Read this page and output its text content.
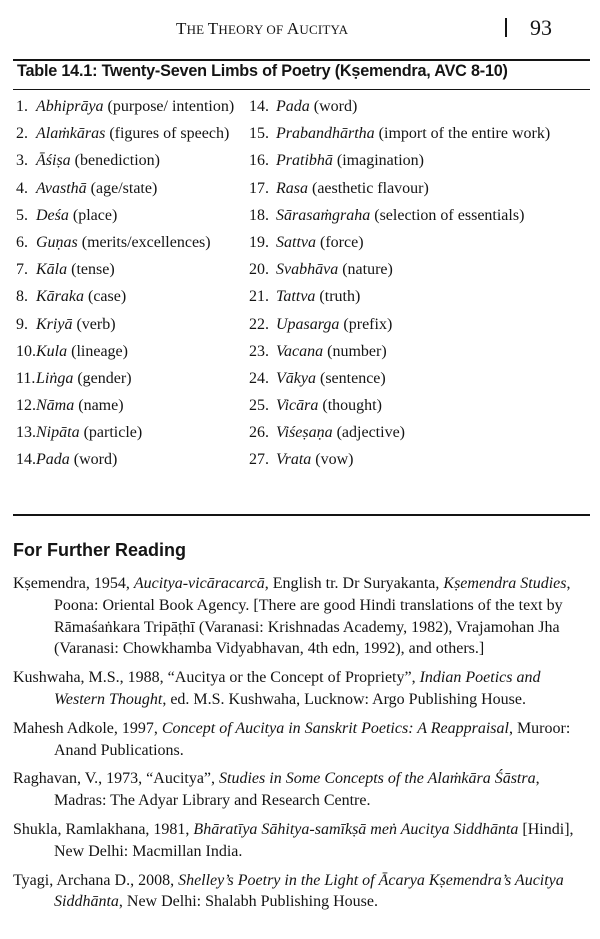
THE THEORY OF AUCITYA	93
Table 14.1: Twenty-Seven Limbs of Poetry (Kṣemendra, AVC 8-10)
1. Abhiprāya (purpose/ intention)
2. Alaṁkāras (figures of speech)
3. Āśiṣa (benediction)
4. Avasthā (age/state)
5. Deśa (place)
6. Guṇas (merits/excellences)
7. Kāla (tense)
8. Kāraka (case)
9. Kriyā (verb)
10. Kula (lineage)
11. Liṅga (gender)
12. Nāma (name)
13. Nipāta (particle)
14. Pada (word)
14. Pada (word)
15. Prabandhārtha (import of the entire work)
16. Pratibhā (imagination)
17. Rasa (aesthetic flavour)
18. Sārasaṁgraha (selection of essentials)
19. Sattva (force)
20. Svabhāva (nature)
21. Tattva (truth)
22. Upasarga (prefix)
23. Vacana (number)
24. Vākya (sentence)
25. Vicāra (thought)
26. Viśeṣaṇa (adjective)
27. Vrata (vow)
For Further Reading
Kṣemendra, 1954, Aucitya-vicāracarcā, English tr. Dr Suryakanta, Kṣemendra Studies, Poona: Oriental Book Agency. [There are good Hindi translations of the text by Rāmaśaṅkara Tripāṭhī (Varanasi: Krishnadas Academy, 1982), Vrajamohan Jha (Varanasi: Chowkhamba Vidyabhavan, 4th edn, 1992), and others.]
Kushwaha, M.S., 1988, “Aucitya or the Concept of Propriety”, Indian Poetics and Western Thought, ed. M.S. Kushwaha, Lucknow: Argo Publishing House.
Mahesh Adkole, 1997, Concept of Aucitya in Sanskrit Poetics: A Reappraisal, Muroor: Anand Publications.
Raghavan, V., 1973, “Aucitya”, Studies in Some Concepts of the Alaṁkāra Śāstra, Madras: The Adyar Library and Research Centre.
Shukla, Ramlakhana, 1981, Bhāratīya Sāhitya-samīkṣā meṅ Aucitya Siddhānta [Hindi], New Delhi: Macmillan India.
Tyagi, Archana D., 2008, Shelley’s Poetry in the Light of Ācarya Kṣemendra’s Aucitya Siddhānta, New Delhi: Shalabh Publishing House.
